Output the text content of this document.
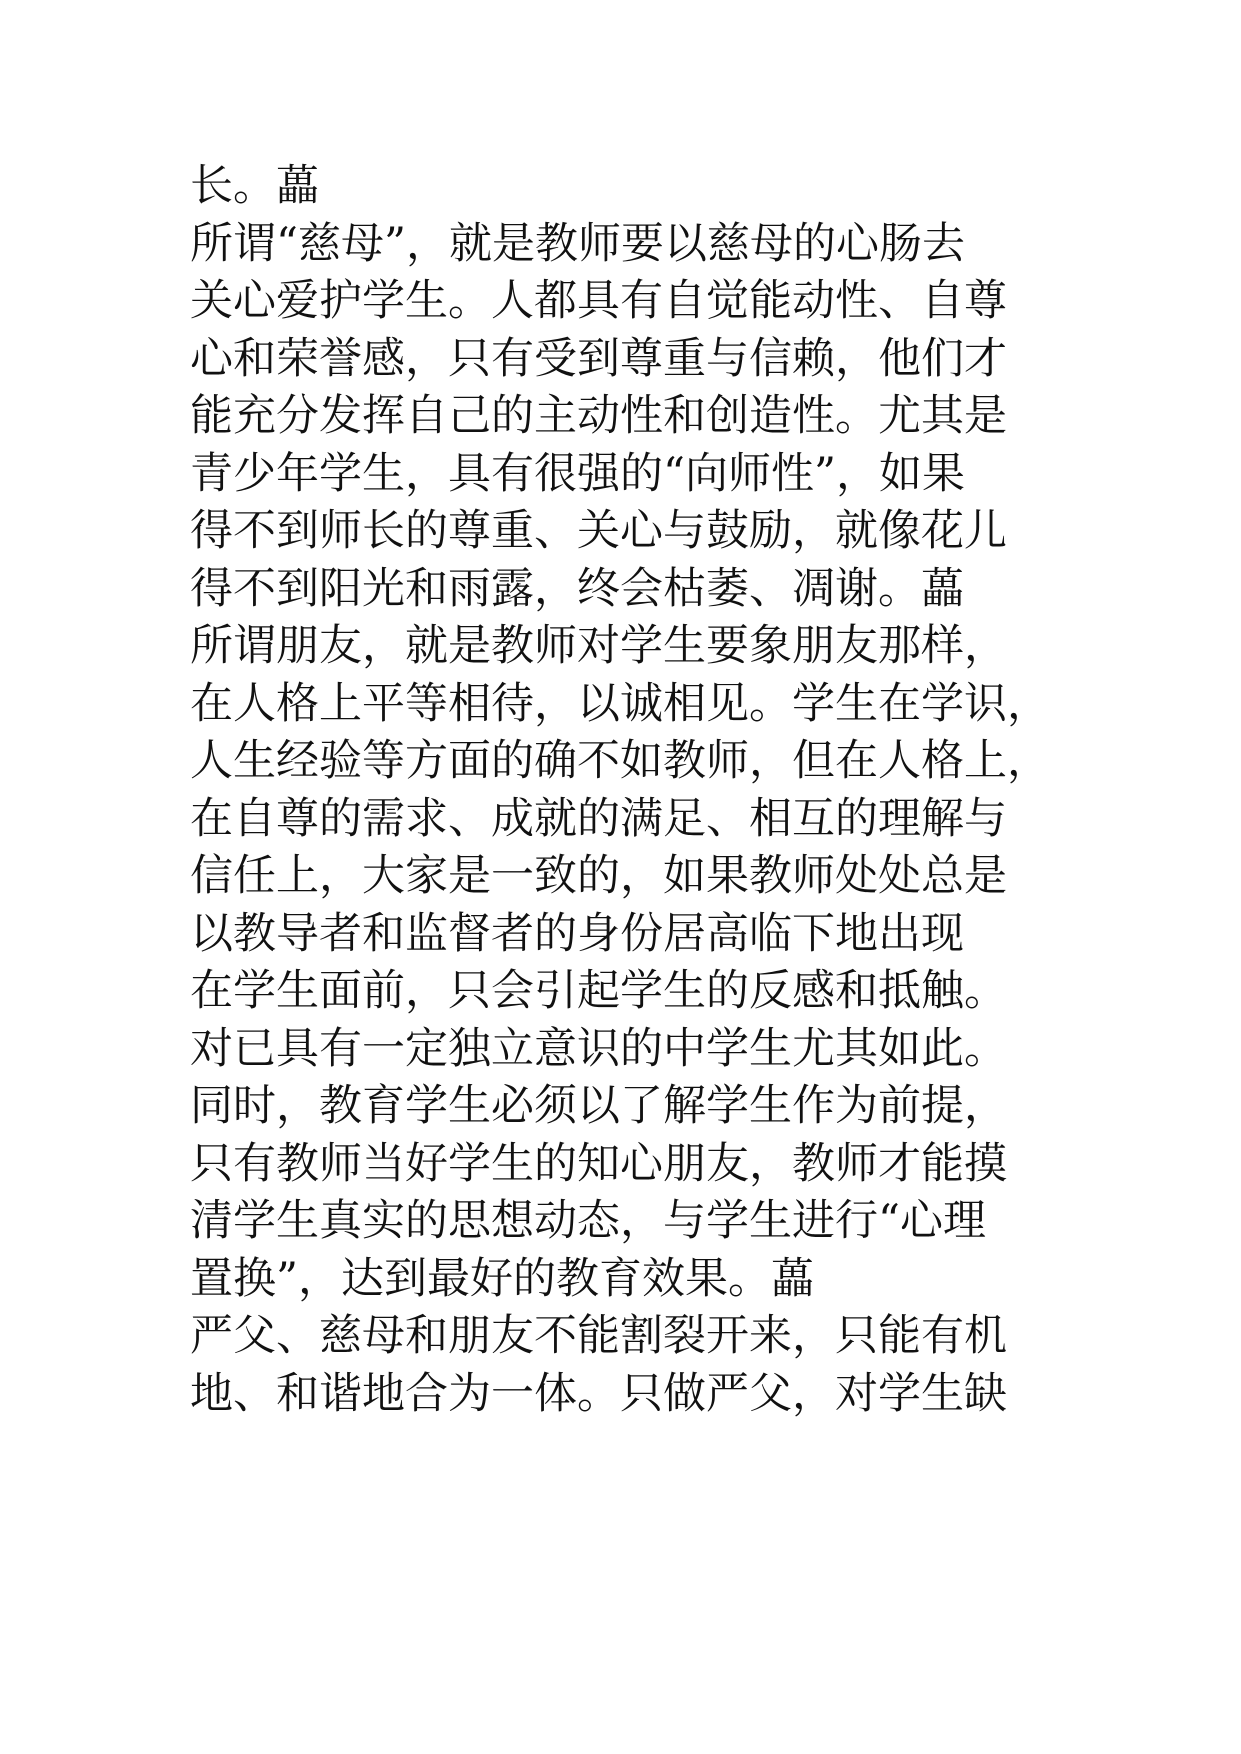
长。藟
所谓“慈母”，就是教师要以慈母的心肠去
关心爱护学生。人都具有自觉能动性、自尊
心和荣誉感，只有受到尊重与信赖，他们才
能充分发挥自己的主动性和创造性。尤其是
青少年学生，具有很强的“向师性”，如果
得不到师长的尊重、关心与鼓励，就像花儿
得不到阳光和雨露，终会枯萎、凋谢。藟
所谓朋友，就是教师对学生要象朋友那样，
在人格上平等相待，以诚相见。学生在学识，
人生经验等方面的确不如教师，但在人格上，
在自尊的需求、成就的满足、相互的理解与
信任上，大家是一致的，如果教师处处总是
以教导者和监督者的身份居高临下地出现
在学生面前，只会引起学生的反感和抵触。
对已具有一定独立意识的中学生尤其如此。
同时，教育学生必须以了解学生作为前提，
只有教师当好学生的知心朋友，教师才能摸
清学生真实的思想动态，与学生进行“心理
置换”，达到最好的教育效果。藟
严父、慈母和朋友不能割裂开来，只能有机
地、和谐地合为一体。只做严父，对学生缺
